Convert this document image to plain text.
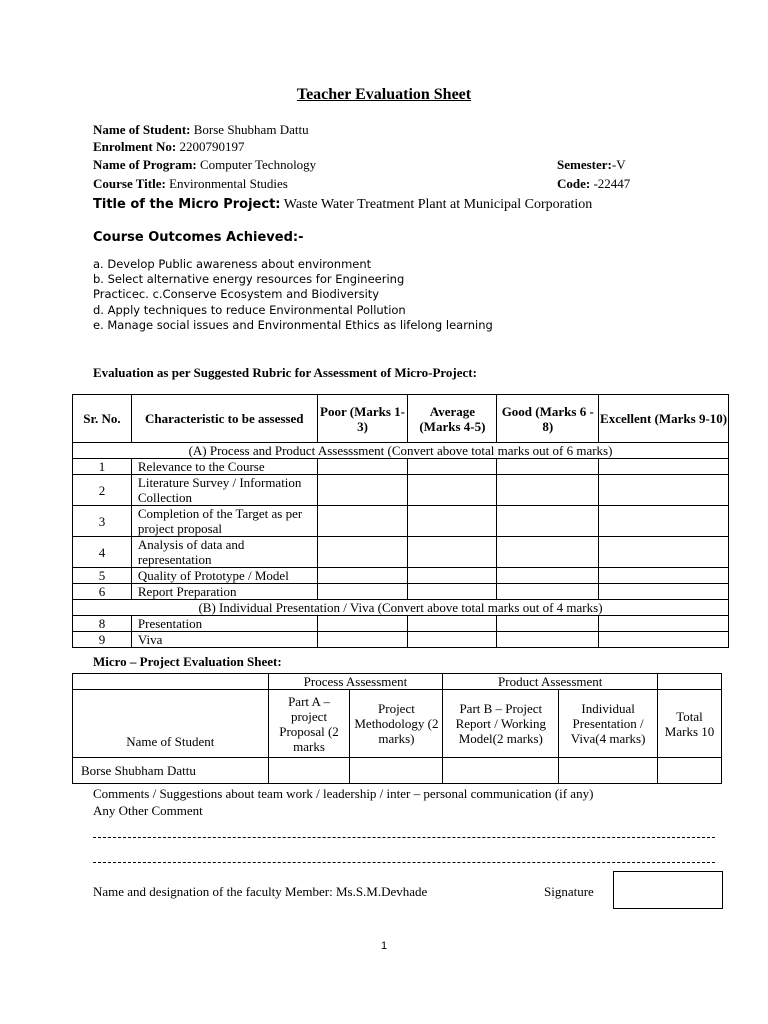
Teacher Evaluation Sheet
Name of Student: Borse Shubham Dattu
Enrolment No: 2200790197
Name of Program: Computer Technology	Semester:-V
Course Title: Environmental Studies	Code: -22447
Title of the Micro Project: Waste Water Treatment Plant at Municipal Corporation
Course Outcomes Achieved:-
a. Develop Public awareness about environment
b. Select alternative energy resources for Engineering
Practicec. c.Conserve Ecosystem and Biodiversity
d. Apply techniques to reduce Environmental Pollution
e. Manage social issues and Environmental Ethics as lifelong learning
Evaluation as per Suggested Rubric for Assessment of Micro-Project:
Sr. No.	Characteristic to be assessed	Poor (Marks 1-3)	Average (Marks 4-5)	Good (Marks 6 - 8)	Excellent (Marks 9-10)
(A) Process and Product Assesssment (Convert above total marks out of 6 marks)					
1	Relevance to the Course				
2	Literature Survey / Information Collection				
3	Completion of the Target as per project proposal				
4	Analysis of data and representation				
5	Quality of Prototype / Model				
6	Report Preparation				
(B) Individual Presentation / Viva (Convert above total marks out of 4 marks)					
8	Presentation				
9	Viva				
Micro – Project Evaluation Sheet:
	Process Assessment		Product Assessment		
Name of Student	Part A – project Proposal (2 marks	Project Methodology (2 marks)	Part B – Project Report / Working Model(2 marks)	Individual Presentation / Viva(4 marks)	Total Marks 10
Borse Shubham Dattu					
Comments / Suggestions about team work / leadership / inter – personal communication (if any)
Any Other Comment
Name and designation of the faculty Member: Ms.S.M.Devhade	Signature
1
